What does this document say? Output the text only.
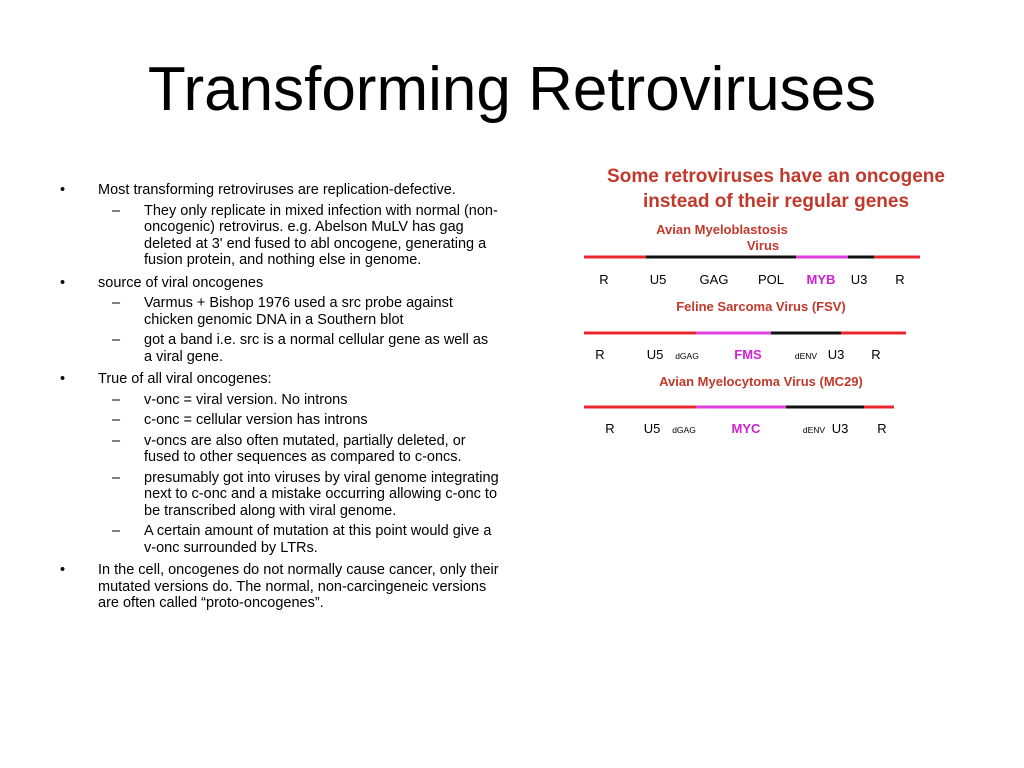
Transforming Retroviruses
• Most transforming retroviruses are replication-defective.
– They only replicate in mixed infection with normal (non-oncogenic) retrovirus. e.g. Abelson MuLV has gag deleted at 3' end fused to abl oncogene, generating a fusion protein, and nothing else in genome.
• source of viral oncogenes
– Varmus + Bishop 1976 used a src probe against chicken genomic DNA in a Southern blot
– got a band i.e. src is a normal cellular gene as well as a viral gene.
• True of all viral oncogenes:
– v-onc = viral version. No introns
– c-onc = cellular version has introns
– v-oncs are also often mutated, partially deleted, or fused to other sequences as compared to c-oncs.
– presumably got into viruses by viral genome integrating next to c-onc and a mistake occurring allowing c-onc to be transcribed along with viral genome.
– A certain amount of mutation at this point would give a v-onc surrounded by LTRs.
• In the cell, oncogenes do not normally cause cancer, only their mutated versions do. The normal, non-carcingeneic versions are often called “proto-oncogenes”.

Some retroviruses have an oncogene
instead of their regular genes

Avian Myeloblastosis
Virus
R	U5	GAG POL MYB U3 R
Feline Sarcoma Virus (FSV)
R	U5 dGAG	FMS	dENV U3 R
Avian Myelocytoma Virus (MC29)
R U5 dGAG	MYC	dENV U3 R
